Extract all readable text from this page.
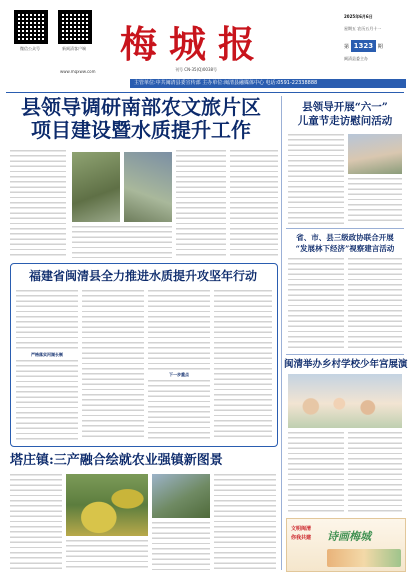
微信公众号	新闽清客户端
www.mqxww.com
梅城报
刊号 CN-35(Q)0038号
2025年6月6日
星期五 农历五月十一
第 1323 期
闽清县委主办
主管单位:中共闽清县委宣传部 主办单位:闽清县融媒体中心 电话:0591-22338888
县领导调研南部农文旅片区
项目建设暨水质提升工作
福建省闽清县全力推进水质提升攻坚年行动
严格落实河湖长制
下一步重点
塔庄镇:三产融合绘就农业强镇新图景
县领导开展“六一”
儿童节走访慰问活动
省、市、县三级政协联合开展
“发展林下经济”视察建言活动
闽清举办乡村学校少年宫展演
文明闽清
你我共建	诗画梅城
